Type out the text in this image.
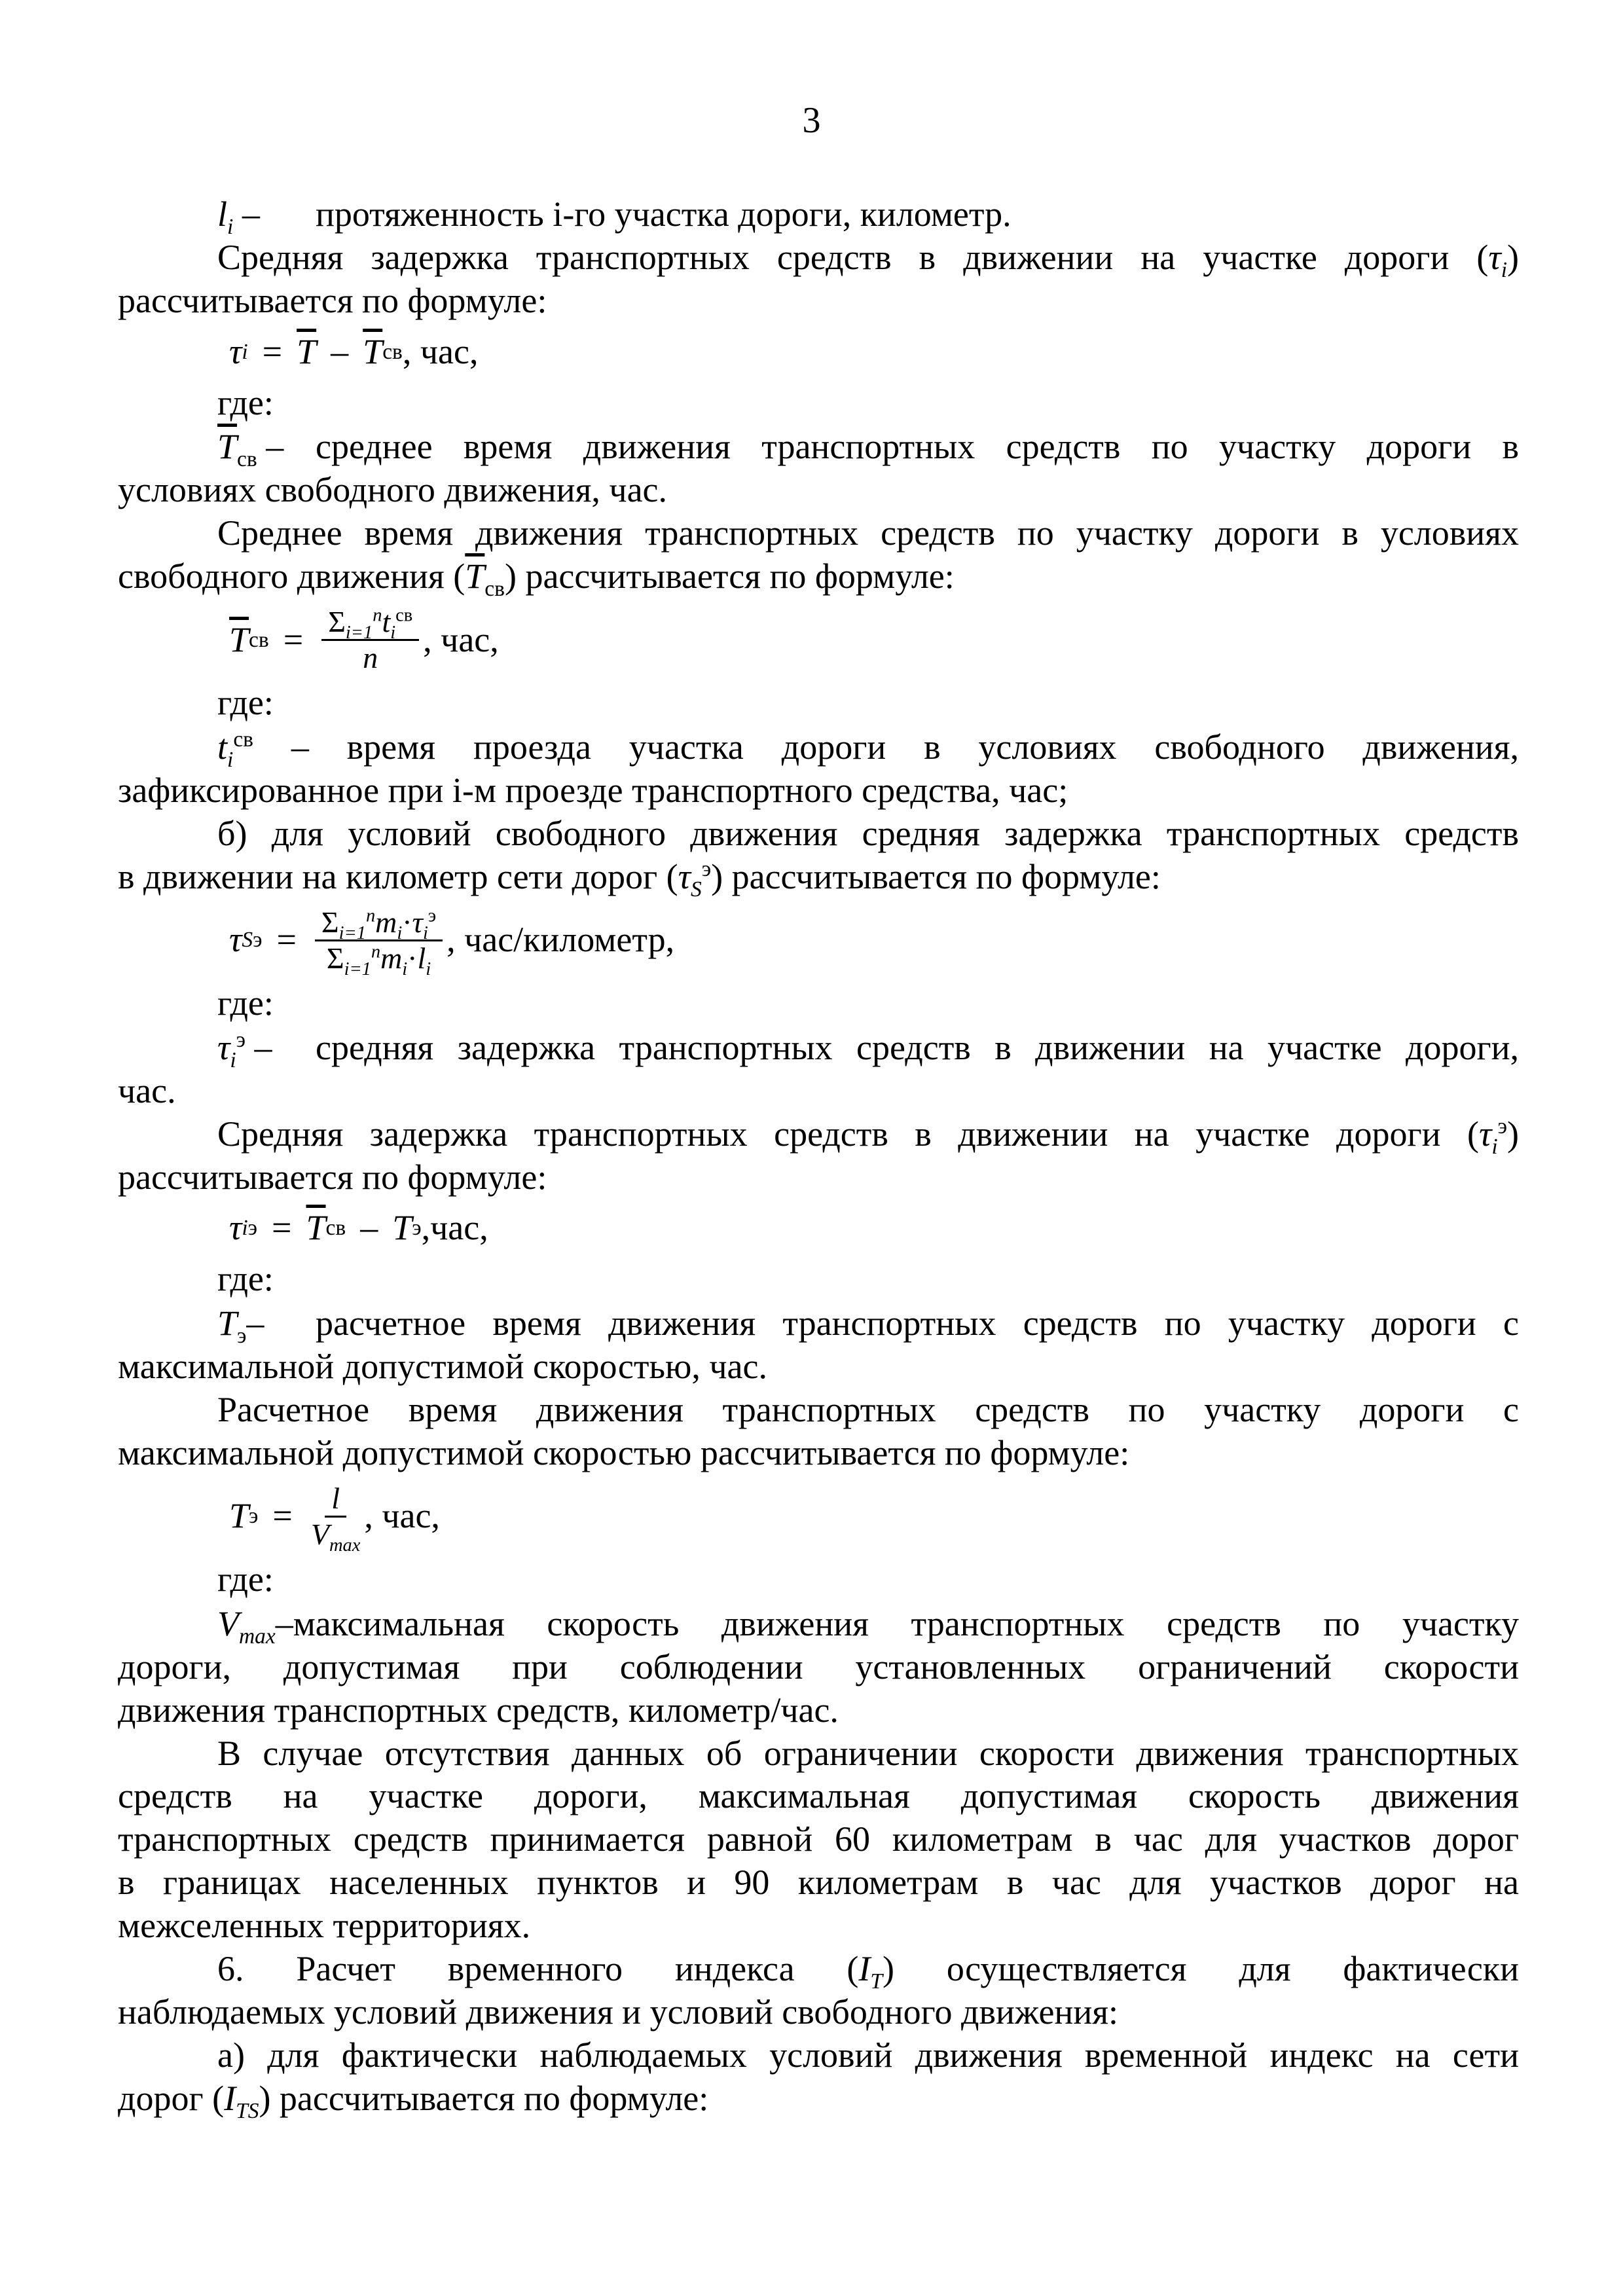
3
$l_i$ –	протяженность i-го участка дороги, километр.

Средняя задержка транспортных средств в движении на участке дороги $(\tau_i)$

рассчитывается по формуле:

τ $i = \overline{T} - \overline{T}$ св , час,

где:

$\overline{T}_{св}$ – среднее время движения транспортных средств по участку дороги в

условиях свободного движения, час.

Среднее время движения транспортных средств по участку дороги в условиях

свободного движения $(\overline{T}_{св})$ рассчитывается по формуле:

$\overline{T}$ св = $\frac{\Sigma_{i=1}^nt_i^{св}}{n}$ , час,

где:

$t_i^{св}$ – время проезда участка дороги в условиях свободного движения,

зафиксированное при i-м проезде транспортного средства, час;

б) для условий свободного движения средняя задержка транспортных средств

в движении на километр сети дорог $(\tau_S^э)$ рассчитывается по формуле:

τ S $э = \frac{\Sigma_{i=1}^nm_i\cdot\tau_i^э}{\Sigma_{i=1}^nm_i\cdot l_i}$ , час/километр,

где:

$\tau_i^э$ –	средняя задержка транспортных средств в движении на участке дороги,

час.

Средняя задержка транспортных средств в движении на участке дороги $(\tau_i^э)$

рассчитывается по формуле:

τ i $э = \overline{T}$ св – T э ,час,

где:

$T_э-$	расчетное время движения транспортных средств по участку дороги с

максимальной допустимой скоростью, час.

Расчетное время движения транспортных средств по участку дороги с

максимальной допустимой скоростью рассчитывается по формуле:

T $э = \frac{l}{V_{max}}$ , час,

где:

$V_{max}$–максимальная скорость движения транспортных средств по участку

дороги, допустимая при соблюдении установленных ограничений скорости

движения транспортных средств, километр/час.

В случае отсутствия данных об ограничении скорости движения транспортных

средств на участке дороги, максимальная допустимая скорость движения

транспортных средств принимается равной 60 километрам в час для участков дорог

в границах населенных пунктов и 90 километрам в час для участков дорог на

межселенных территориях.

6. Расчет временного индекса $(I_T)$ осуществляется для фактически

наблюдаемых условий движения и условий свободного движения:

а) для фактически наблюдаемых условий движения временной индекс на сети

дорог $(I_{TS})$ рассчитывается по формуле:
